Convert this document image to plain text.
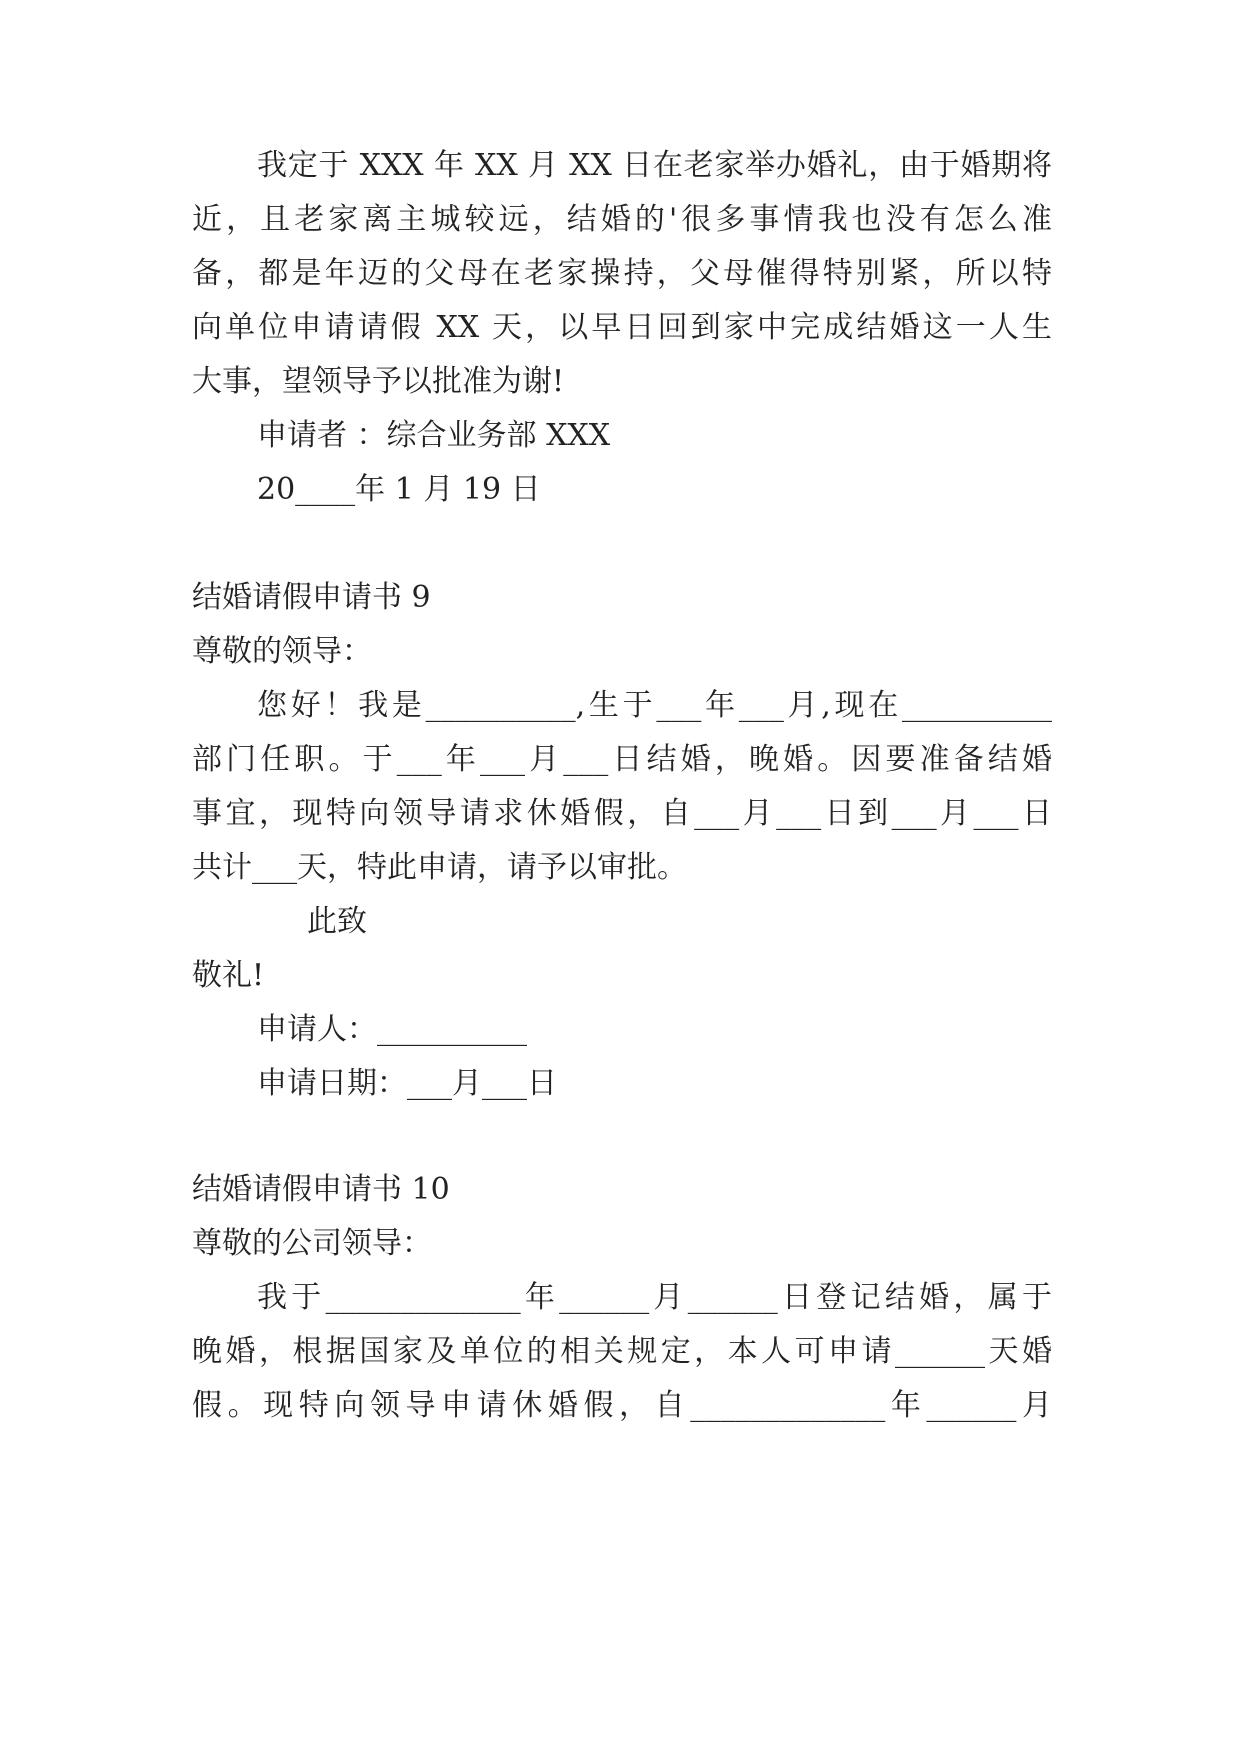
我定于 XXX 年 XX 月 XX 日在老家举办婚礼，由于婚期将
近，且老家离主城较远，结婚的'很多事情我也没有怎么准
备，都是年迈的父母在老家操持，父母催得特别紧，所以特
向单位申请请假 XX 天，以早日回到家中完成结婚这一人生
大事，望领导予以批准为谢!
申请者 ：综合业务部 XXX
20____年 1 月 19 日
结婚请假申请书 9
尊敬的领导：
您好！我是__________,生于___年___月,现在__________
部门任职。于___年___月___日结婚，晚婚。因要准备结婚
事宜，现特向领导请求休婚假，自___月___日到___月___日
共计___天，特此申请，请予以审批。
此致
敬礼!
申请人：__________
申请日期：___月___日
结婚请假申请书 10
尊敬的公司领导：
我于_____________年______月______日登记结婚，属于
晚婚，根据国家及单位的相关规定，本人可申请______天婚
假。现特向领导申请休婚假，自_____________年______月
